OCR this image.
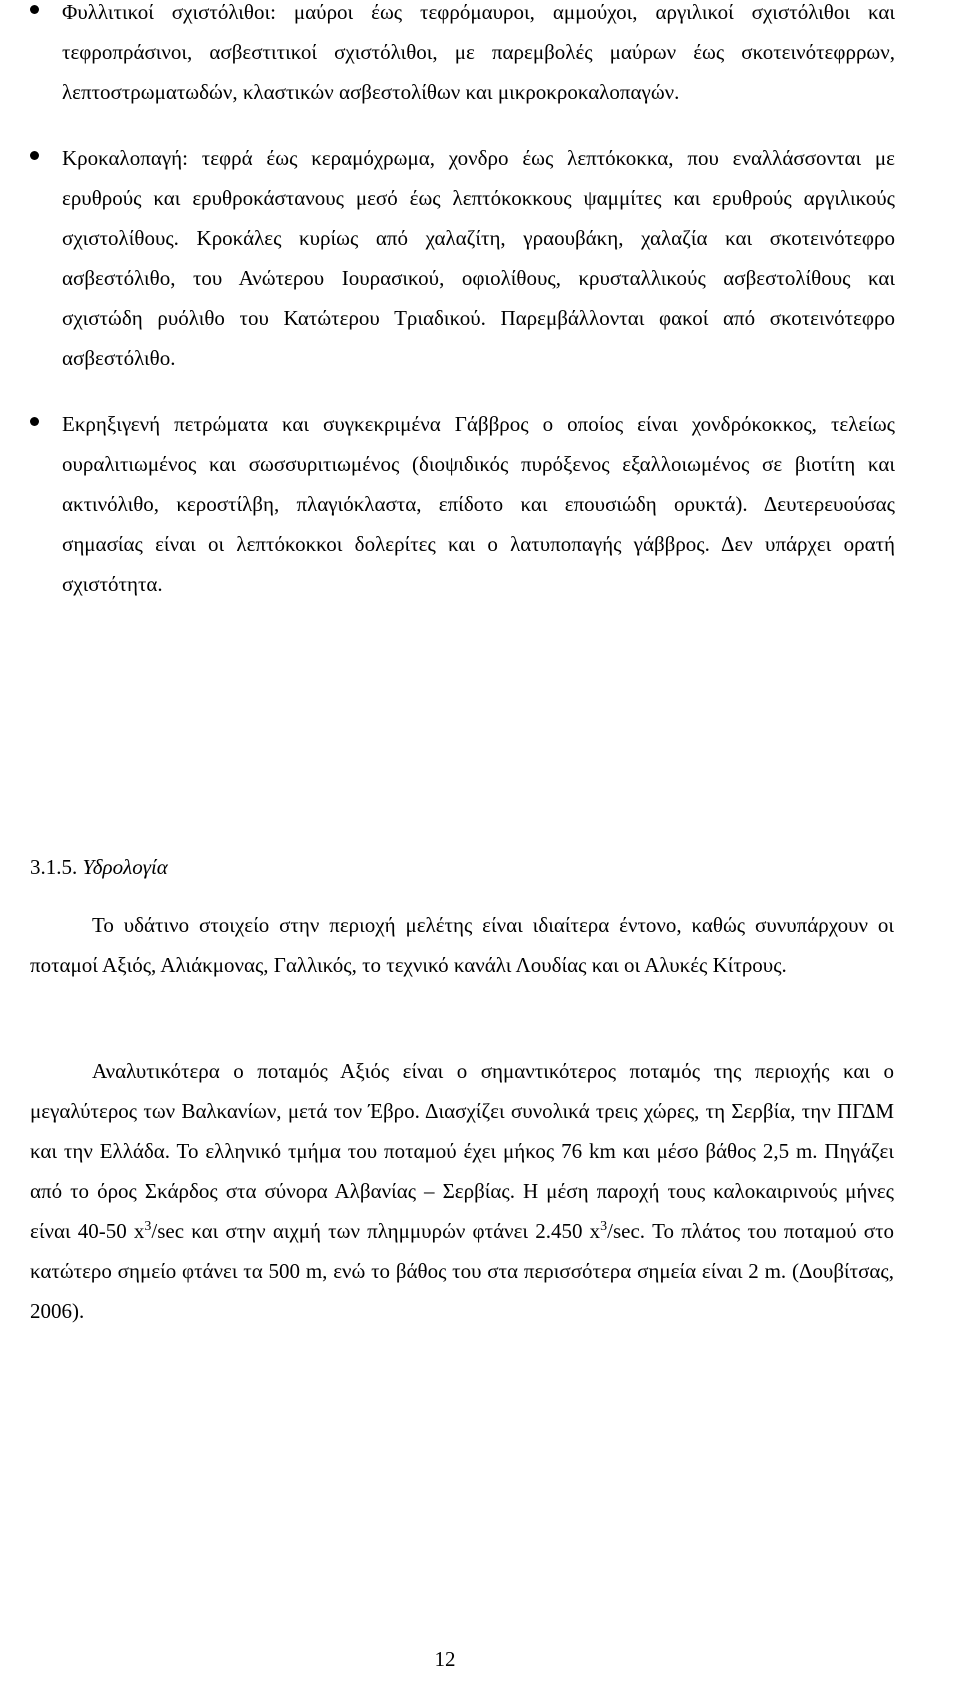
Φυλλιτικοί σχιστόλιθοι: μαύροι έως τεφρόμαυροι, αμμούχοι, αργιλικοί σχιστόλιθοι και τεφροπράσινοι, ασβεστιτικοί σχιστόλιθοι, με παρεμβολές μαύρων έως σκοτεινότεφρρων, λεπτοστρωματωδών, κλαστικών ασβεστολίθων και μικροκροκαλοπαγών.

Κροκαλοπαγή: τεφρά έως κεραμόχρωμα, χονδρο έως λεπτόκοκκα, που εναλλάσσονται με ερυθρούς και ερυθροκάστανους μεσό έως λεπτόκοκκους ψαμμίτες και ερυθρούς αργιλικούς σχιστολίθους. Κροκάλες κυρίως από χαλαζίτη, γραουβάκη, χαλαζία και σκοτεινότεφρο ασβεστόλιθο, του Ανώτερου Ιουρασικού, οφιολίθους, κρυσταλλικούς ασβεστολίθους και σχιστώδη ρυόλιθο του Κατώτερου Τριαδικού. Παρεμβάλλονται φακοί από σκοτεινότεφρο ασβεστόλιθο.

Εκρηξιγενή πετρώματα και συγκεκριμένα Γάββρος ο οποίος είναι χονδρόκοκκος, τελείως ουραλιτιωμένος και σωσσυριτιωμένος (διοψιδικός πυρόξενος εξαλλοιωμένος σε βιοτίτη και ακτινόλιθο, κεροστίλβη, πλαγιόκλαστα, επίδοτο και επουσιώδη ορυκτά). Δευτερευούσας σημασίας είναι οι λεπτόκοκκοι δολερίτες και ο λατυποπαγής γάββρος. Δεν υπάρχει ορατή σχιστότητα.

3.1.5. Υδρολογία

Το υδάτινο στοιχείο στην περιοχή μελέτης είναι ιδιαίτερα έντονο, καθώς συνυπάρχουν οι ποταμοί Αξιός, Αλιάκμονας, Γαλλικός, το τεχνικό κανάλι Λουδίας και οι Αλυκές Κίτρους.

Αναλυτικότερα ο ποταμός Αξιός είναι ο σημαντικότερος ποταμός της περιοχής και ο μεγαλύτερος των Βαλκανίων, μετά τον Έβρο. Διασχίζει συνολικά τρεις χώρες, τη Σερβία, την ΠΓΔΜ και την Ελλάδα. Το ελληνικό τμήμα του ποταμού έχει μήκος 76 km και μέσο βάθος 2,5 m. Πηγάζει από το όρος Σκάρδος στα σύνορα Αλβανίας – Σερβίας. Η μέση παροχή τους καλοκαιρινούς μήνες είναι 40-50 $x^3/\sec$ και στην αιχμή των πλημμυρών φτάνει 2.450 $x^3/\sec$. Το πλάτος του ποταμού στο κατώτερο σημείο φτάνει τα 500 m, ενώ το βάθος του στα περισσότερα σημεία είναι 2 m. (Δουβίτσας, 2006).

12
